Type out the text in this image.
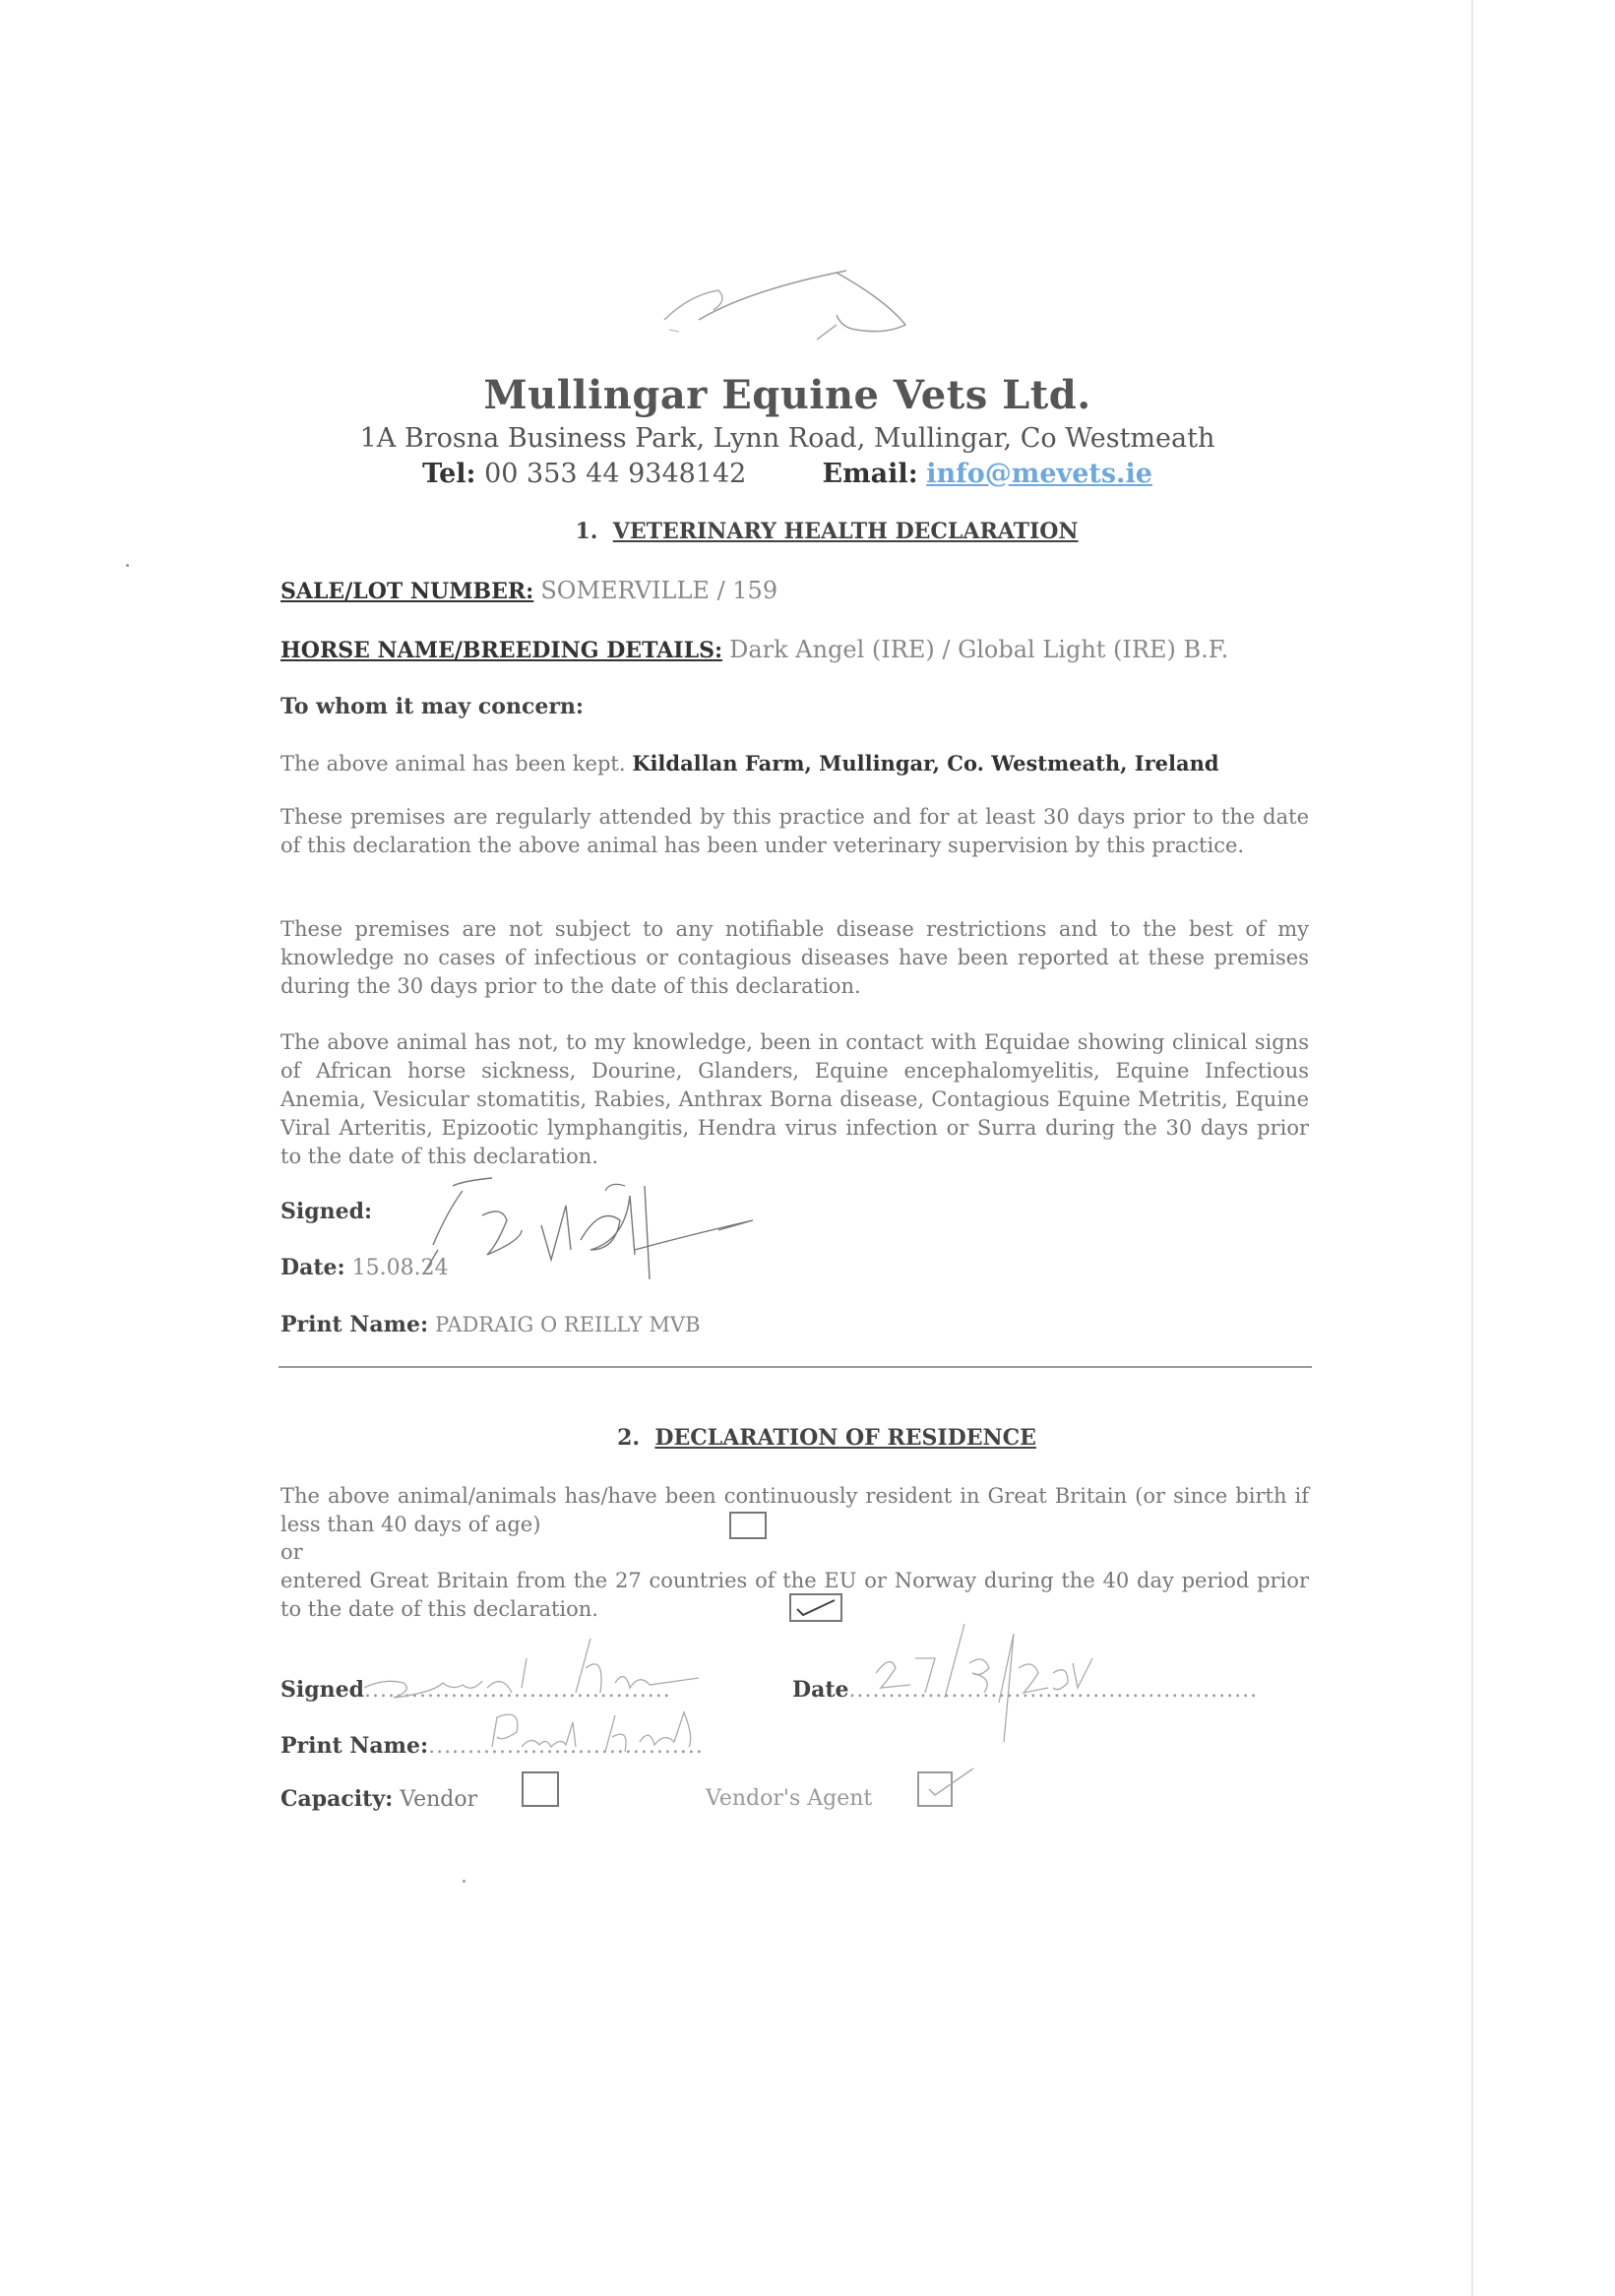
Mullingar Equine Vets Ltd.
1A Brosna Business Park, Lynn Road, Mullingar, Co Westmeath
Tel: 00 353 44 9348142	Email: info@mevets.ie
1. VETERINARY HEALTH DECLARATION
SALE/LOT NUMBER: SOMERVILLE / 159
HORSE NAME/BREEDING DETAILS: Dark Angel (IRE) / Global Light (IRE) B.F.
To whom it may concern:
The above animal has been kept. Kildallan Farm, Mullingar, Co. Westmeath, Ireland
These premises are regularly attended by this practice and for at least 30 days prior to the date of this declaration the above animal has been under veterinary supervision by this practice.
These premises are not subject to any notifiable disease restrictions and to the best of my knowledge no cases of infectious or contagious diseases have been reported at these premises during the 30 days prior to the date of this declaration.
The above animal has not, to my knowledge, been in contact with Equidae showing clinical signs of African horse sickness, Dourine, Glanders, Equine encephalomyelitis, Equine Infectious Anemia, Vesicular stomatitis, Rabies, Anthrax Borna disease, Contagious Equine Metritis, Equine Viral Arteritis, Epizootic lymphangitis, Hendra virus infection or Surra during the 30 days prior to the date of this declaration.
Signed:
Date: 15.08.24
Print Name: PADRAIG O REILLY MVB
2. DECLARATION OF RESIDENCE
The above animal/animals has/have been continuously resident in Great Britain (or since birth if less than 40 days of age)
or
entered Great Britain from the 27 countries of the EU or Norway during the 40 day period prior to the date of this declaration.
Signed.......................................	Date....................................................
Print Name:...................................
Capacity: Vendor	Vendor's Agent
